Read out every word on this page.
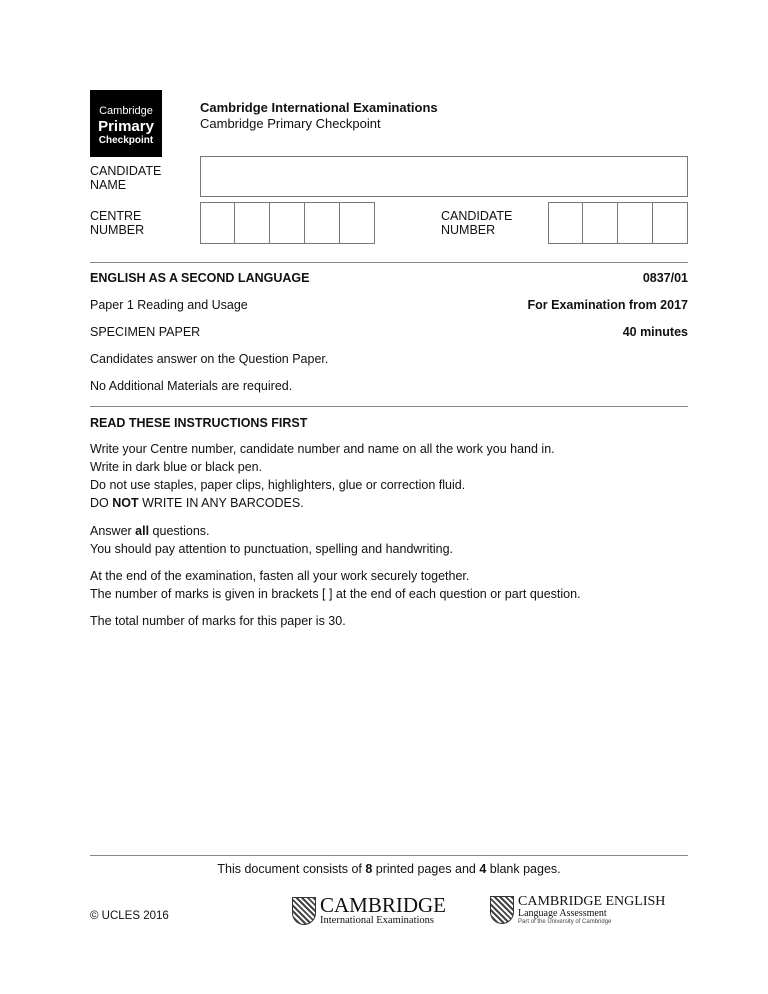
Cambridge
Primary
Checkpoint
Cambridge International Examinations
Cambridge Primary Checkpoint
CANDIDATE
NAME
CENTRE
NUMBER
CANDIDATE
NUMBER
ENGLISH AS A SECOND LANGUAGE	0837/01
Paper 1 Reading and Usage	For Examination from 2017
SPECIMEN PAPER	40 minutes
Candidates answer on the Question Paper.
No Additional Materials are required.
READ THESE INSTRUCTIONS FIRST
Write your Centre number, candidate number and name on all the work you hand in.
Write in dark blue or black pen.
Do not use staples, paper clips, highlighters, glue or correction fluid.
DO NOT WRITE IN ANY BARCODES.
Answer all questions.
You should pay attention to punctuation, spelling and handwriting.
At the end of the examination, fasten all your work securely together.
The number of marks is given in brackets [ ] at the end of each question or part question.
The total number of marks for this paper is 30.
This document consists of 8 printed pages and 4 blank pages.
© UCLES 2016	CAMBRIDGE
International Examinations
CAMBRIDGE ENGLISH
Language Assessment
Part of the University of Cambridge
